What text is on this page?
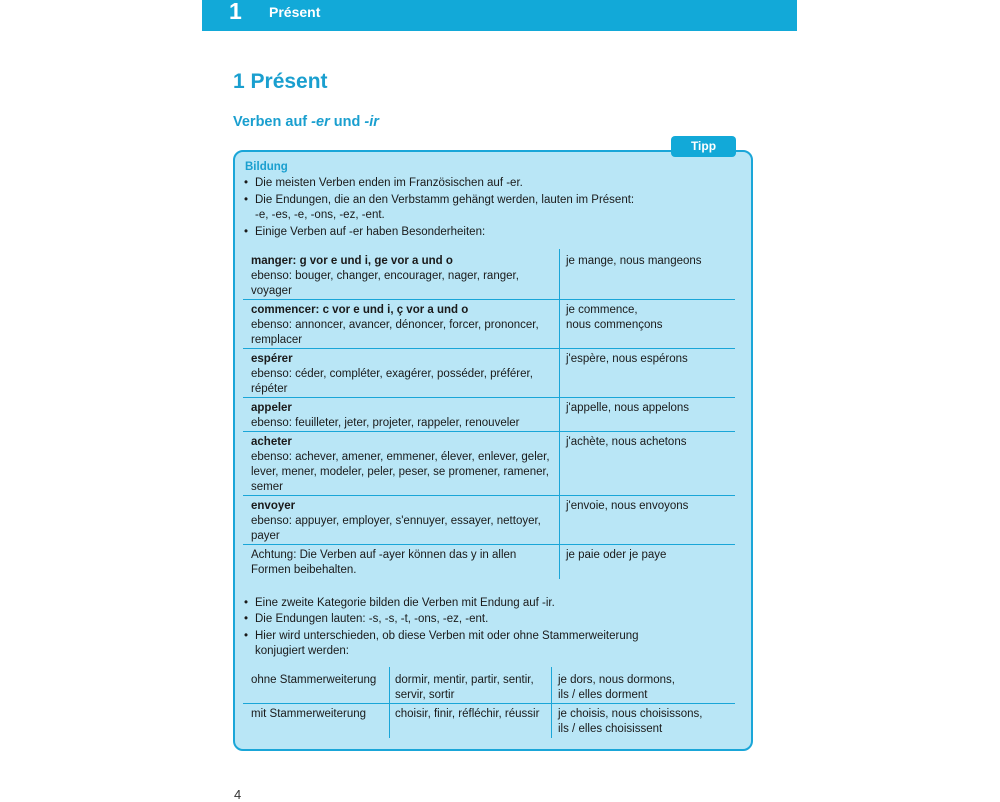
1 Présent
1 Présent
Verben auf -er und -ir
Tipp
Bildung
Die meisten Verben enden im Französischen auf -er.
Die Endungen, die an den Verbstamm gehängt werden, lauten im Présent:
-e, -es, -e, -ons, -ez, -ent.
Einige Verben auf -er haben Besonderheiten:
manger: g vor e und i, ge vor a und o
ebenso: bouger, changer, encourager, nager, ranger,
voyager
je mange, nous mangeons
commencer: c vor e und i, ç vor a und o
ebenso: annoncer, avancer, dénoncer, forcer, prononcer,
remplacer
je commence,
nous commençons
espérer
ebenso: céder, compléter, exagérer, posséder, préférer,
répéter
j'espère, nous espérons
appeler
ebenso: feuilleter, jeter, projeter, rappeler, renouveler
j'appelle, nous appelons
acheter
ebenso: achever, amener, emmener, élever, enlever, geler,
lever, mener, modeler, peler, peser, se promener, ramener,
semer
j'achète, nous achetons
envoyer
ebenso: appuyer, employer, s'ennuyer, essayer, nettoyer,
payer
j'envoie, nous envoyons
Achtung: Die Verben auf -ayer können das y in allen
Formen beibehalten.
je paie oder je paye
Eine zweite Kategorie bilden die Verben mit Endung auf -ir.
Die Endungen lauten: -s, -s, -t, -ons, -ez, -ent.
Hier wird unterschieden, ob diese Verben mit oder ohne Stammerweiterung
konjugiert werden:
ohne Stammerweiterung dormir, mentir, partir, sentir,
servir, sortir
je dors, nous dormons,
ils / elles dorment
mit Stammerweiterung	choisir, finir, réfléchir, réussir je choisis, nous choisissons,
ils / elles choisissent
4
